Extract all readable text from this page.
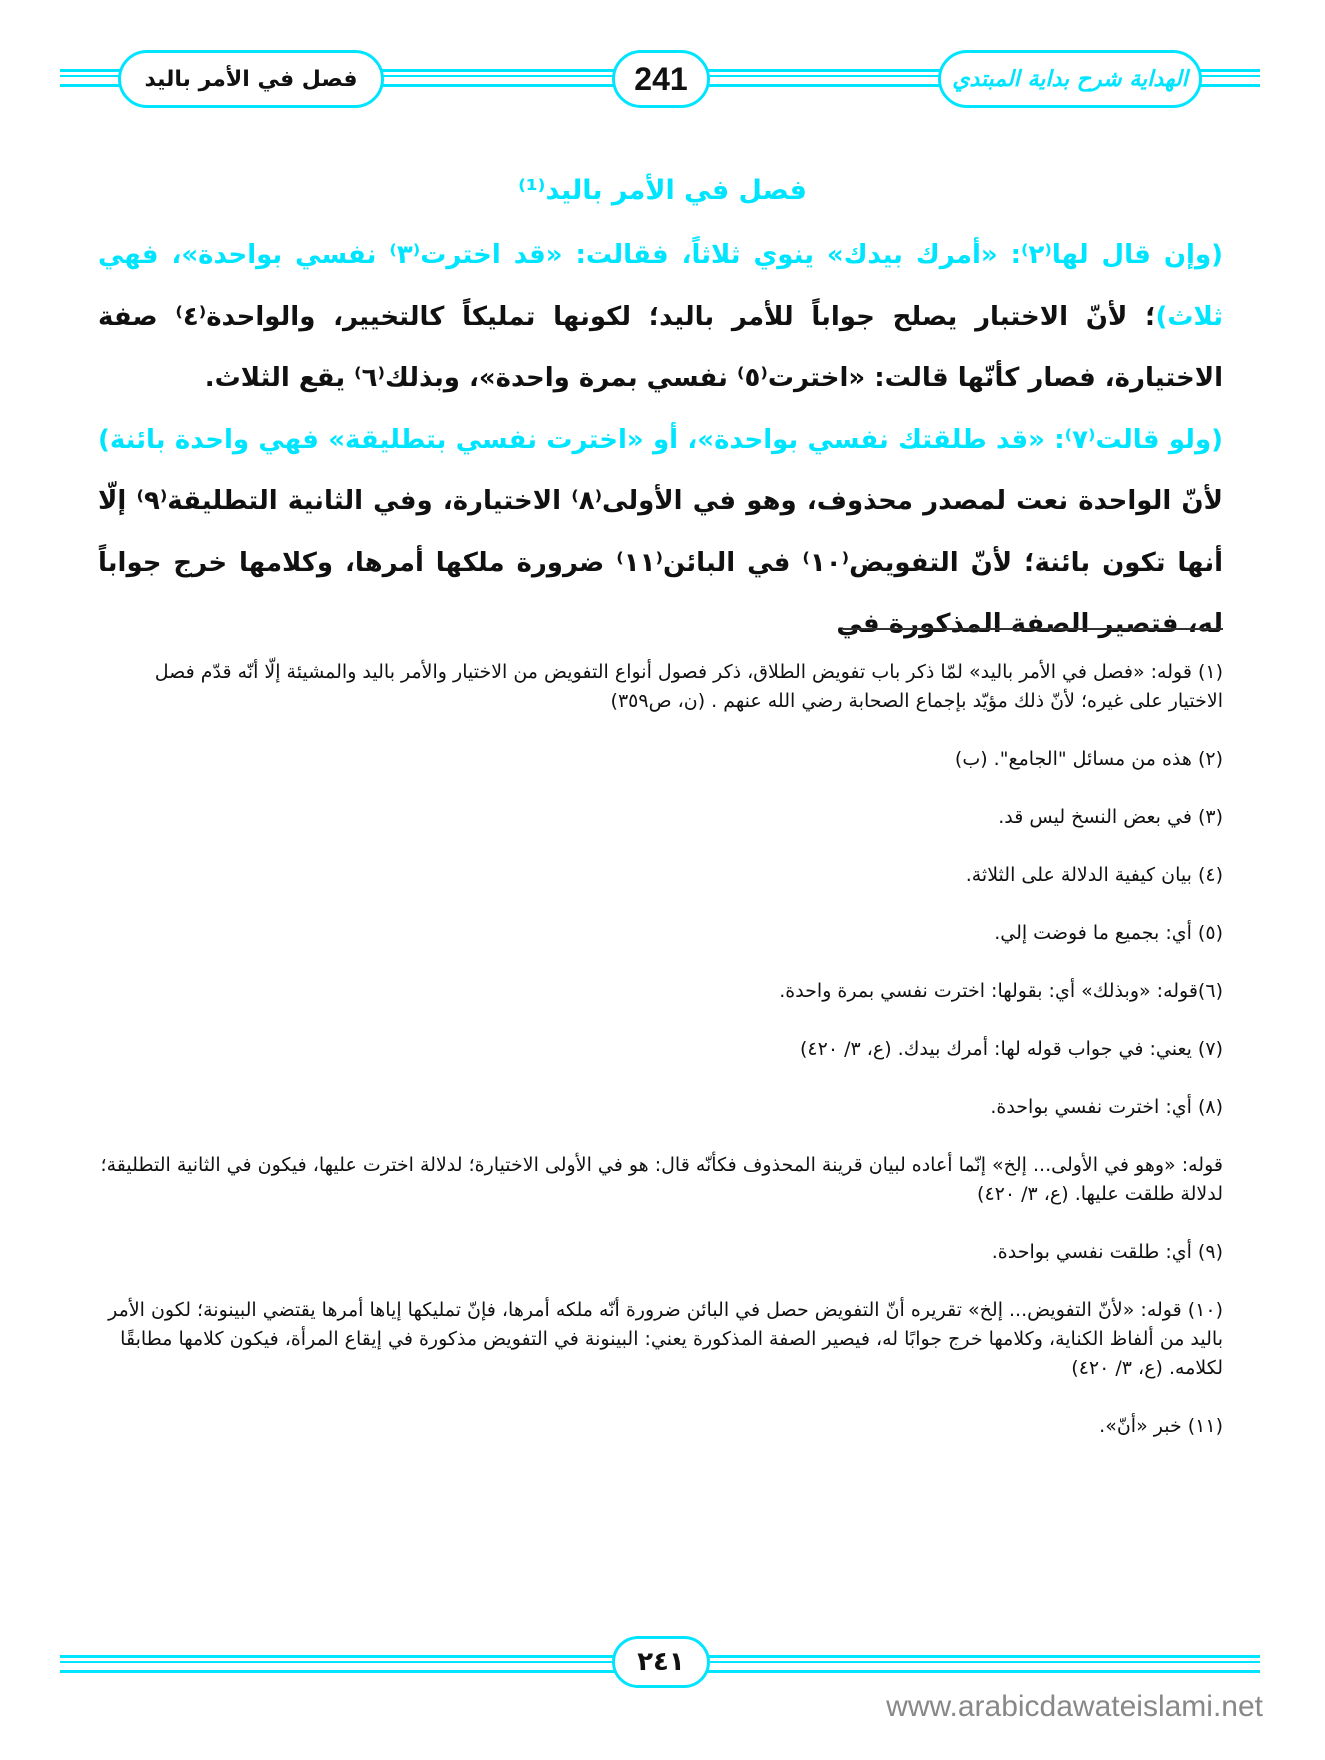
الهداية شرح بداية المبتدي
241
فصل في الأمر باليد
فصل في الأمر باليد⁽¹⁾
(وإن قال لها⁽٢⁾: «أمرك بيدك» ينوي ثلاثاً، فقالت: «قد اخترت⁽٣⁾ نفسي بواحدة»، فهي ثلاث)؛ لأنّ الاختبار يصلح جواباً للأمر باليد؛ لكونها تمليكاً كالتخيير، والواحدة⁽٤⁾ صفة الاختيارة، فصار كأنّها قالت: «اخترت⁽٥⁾ نفسي بمرة واحدة»، وبذلك⁽٦⁾ يقع الثلاث.
(ولو قالت⁽٧⁾: «قد طلقتك نفسي بواحدة»، أو «اخترت نفسي بتطليقة» فهي واحدة بائنة) لأنّ الواحدة نعت لمصدر محذوف، وهو في الأولى⁽٨⁾ الاختيارة، وفي الثانية التطليقة⁽٩⁾ إلّا أنها تكون بائنة؛ لأنّ التفويض⁽١٠⁾ في البائن⁽١١⁾ ضرورة ملكها أمرها، وكلامها خرج جواباً له، فتصير الصفة المذكورة في
(١) قوله: «فصل في الأمر باليد» لمّا ذكر باب تفويض الطلاق، ذكر فصول أنواع التفويض من الاختيار والأمر باليد والمشيئة إلّا أنّه قدّم فصل الاختيار على غيره؛ لأنّ ذلك مؤيّد بإجماع الصحابة رضي الله عنهم . (ن، ص٣٥٩)
(٢) هذه من مسائل "الجامع". (ب)
(٣) في بعض النسخ ليس قد.
(٤) بيان كيفية الدلالة على الثلاثة.
(٥) أي: بجميع ما فوضت إلي.
(٦)قوله: «وبذلك» أي: بقولها: اخترت نفسي بمرة واحدة.
(٧) يعني: في جواب قوله لها: أمرك بيدك. (ع، ٣/ ٤٢٠)
(٨) أي: اخترت نفسي بواحدة.
قوله: «وهو في الأولى... إلخ» إنّما أعاده لبيان قرينة المحذوف فكأنّه قال: هو في الأولى الاختيارة؛ لدلالة اخترت عليها، فيكون في الثانية التطليقة؛ لدلالة طلقت عليها. (ع، ٣/ ٤٢٠)
(٩) أي: طلقت نفسي بواحدة.
(١٠) قوله: «لأنّ التفويض... إلخ» تقريره أنّ التفويض حصل في البائن ضرورة أنّه ملكه أمرها، فإنّ تمليكها إياها أمرها يقتضي البينونة؛ لكون الأمر باليد من ألفاظ الكناية، وكلامها خرج جوابًا له، فيصير الصفة المذكورة يعني: البينونة في التفويض مذكورة في إيقاع المرأة، فيكون كلامها مطابقًا لكلامه. (ع، ٣/ ٤٢٠)
(١١) خبر «أنّ».
٢٤١
www.arabicdawateislami.net
